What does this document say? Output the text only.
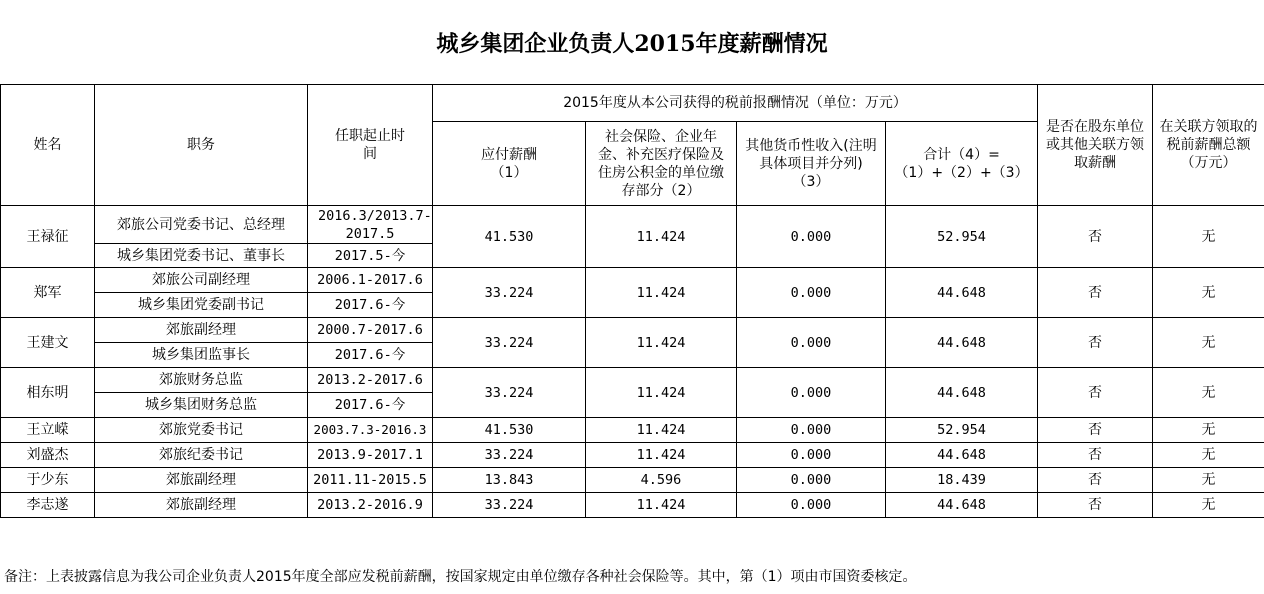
城乡集团企业负责人2015年度薪酬情况
姓名	职务	任职起止时间	2015年度从本公司获得的税前报酬情况（单位：万元）				是否在股东单位或其他关联方领取薪酬	在关联方领取的税前薪酬总额（万元）
			应付薪酬（1）	社会保险、企业年金、补充医疗保险及住房公积金的单位缴存部分（2）	其他货币性收入(注明具体项目并分列)（3）	合计（4）=（1）+（2）+（3）		
王禄征	郊旅公司党委书记、总经理	2016.3/2013.7-2017.5	41.530	11.424	0.000	52.954	否	无
	城乡集团党委书记、董事长	2017.5-今						
郑军	郊旅公司副经理	2006.1-2017.6	33.224	11.424	0.000	44.648	否	无
	城乡集团党委副书记	2017.6-今						
王建文	郊旅副经理	2000.7-2017.6	33.224	11.424	0.000	44.648	否	无
	城乡集团监事长	2017.6-今						
相东明	郊旅财务总监	2013.2-2017.6	33.224	11.424	0.000	44.648	否	无
	城乡集团财务总监	2017.6-今						
王立嵘	郊旅党委书记	2003.7.3-2016.3	41.530	11.424	0.000	52.954	否	无
刘盛杰	郊旅纪委书记	2013.9-2017.1	33.224	11.424	0.000	44.648	否	无
于少东	郊旅副经理	2011.11-2015.5	13.843	4.596	0.000	18.439	否	无
李志遂	郊旅副经理	2013.2-2016.9	33.224	11.424	0.000	44.648	否	无
备注：上表披露信息为我公司企业负责人2015年度全部应发税前薪酬，按国家规定由单位缴存各种社会保险等。其中，第（1）项由市国资委核定。
